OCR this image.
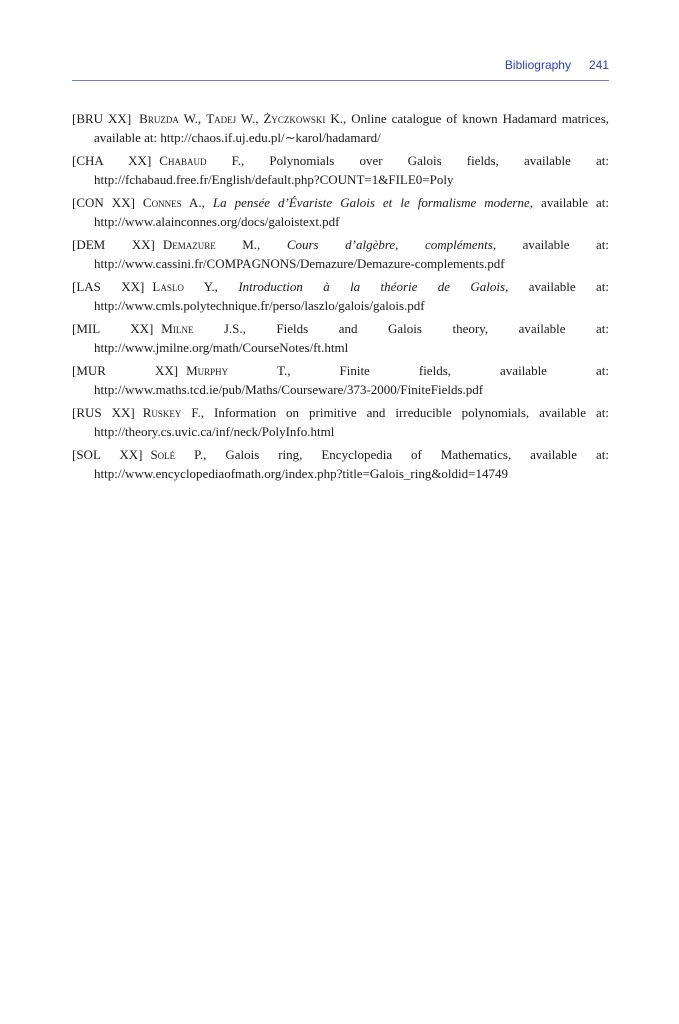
Bibliography 241
[BRU XX] Bruzda W., Tadej W., Życzkowski K., Online catalogue of known Hadamard matrices, available at: http://chaos.if.uj.edu.pl/∼karol/hadamard/
[CHA XX] Chabaud F., Polynomials over Galois fields, available at: http://fchabaud.free.fr/English/default.php?COUNT=1&FILE0=Poly
[CON XX] Connes A., La pensée d’Évariste Galois et le formalisme moderne, available at: http://www.alainconnes.org/docs/galoistext.pdf
[DEM XX] Demazure M., Cours d’algèbre, compléments, available at: http://www.cassini.fr/COMPAGNONS/Demazure/Demazure-complements.pdf
[LAS XX] Laslo Y., Introduction à la théorie de Galois, available at: http://www.cmls.polytechnique.fr/perso/laszlo/galois/galois.pdf
[MIL XX] Milne J.S., Fields and Galois theory, available at: http://www.jmilne.org/math/CourseNotes/ft.html
[MUR XX] Murphy T., Finite fields, available at: http://www.maths.tcd.ie/pub/Maths/Courseware/373-2000/FiniteFields.pdf
[RUS XX] Ruskey F., Information on primitive and irreducible polynomials, available at: http://theory.cs.uvic.ca/inf/neck/PolyInfo.html
[SOL XX] Solé P., Galois ring, Encyclopedia of Mathematics, available at: http://www.encyclopediaofmath.org/index.php?title=Galois_ring&oldid=14749
